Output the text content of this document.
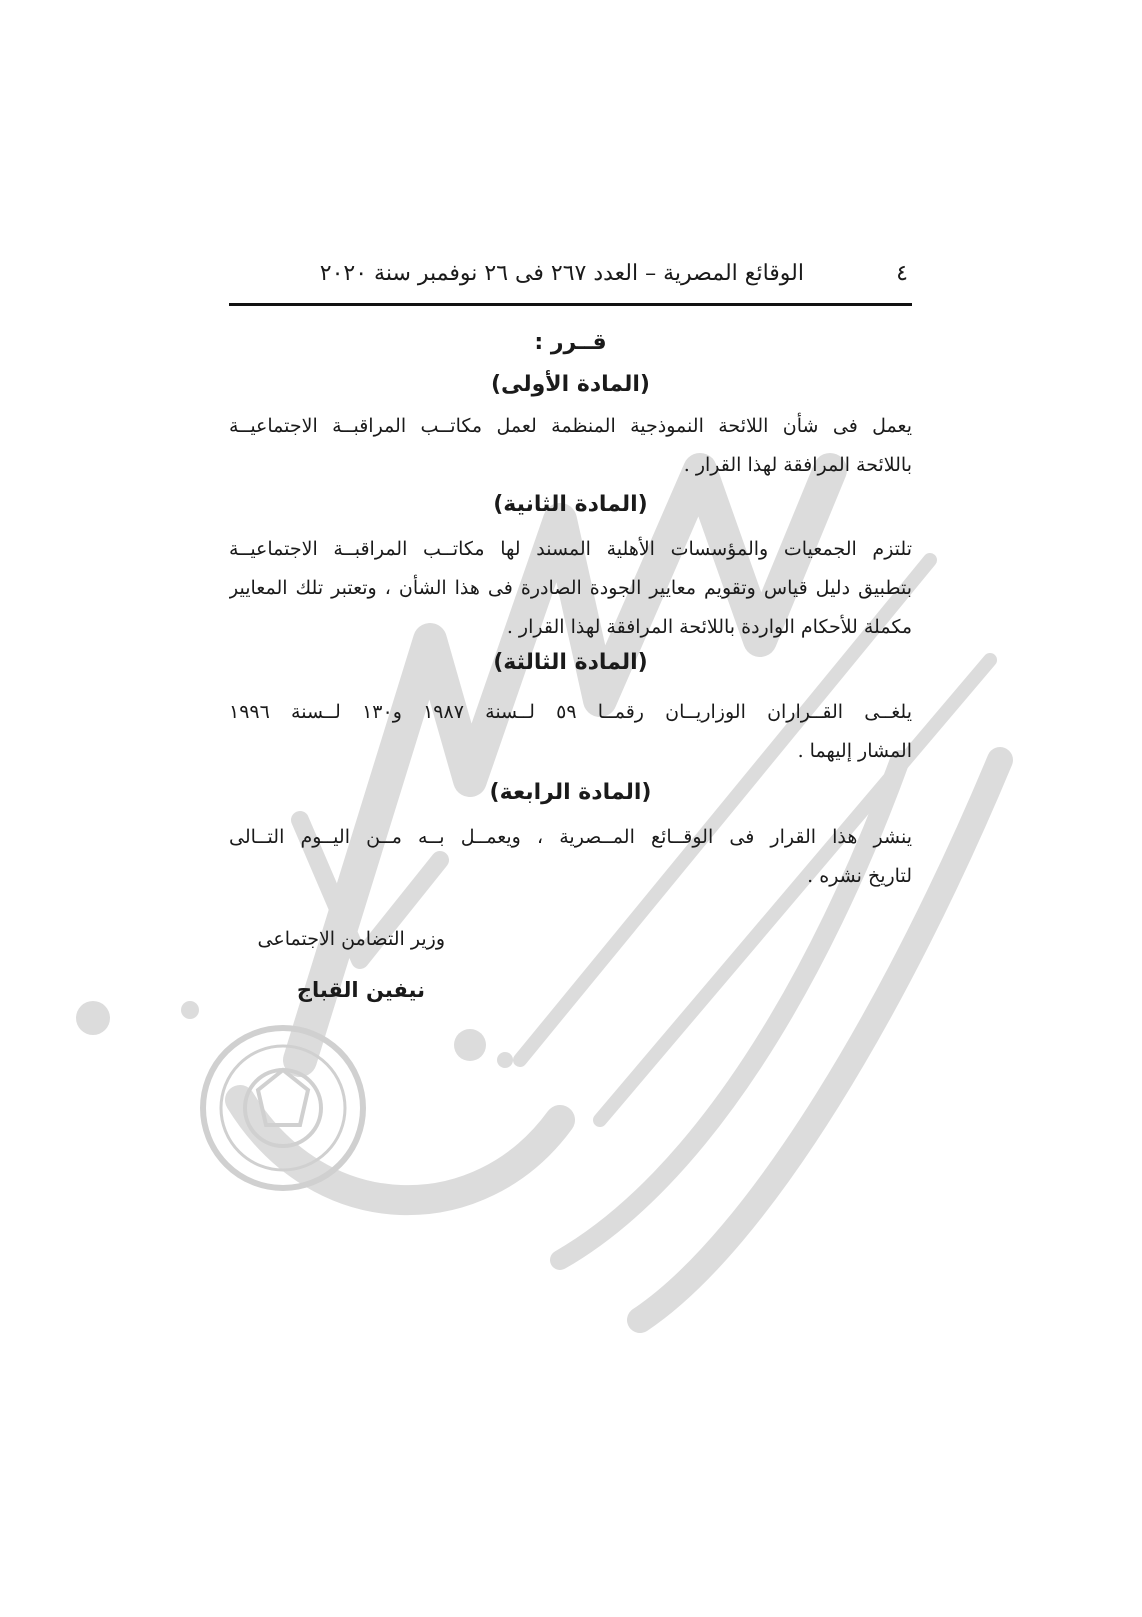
٤
الوقائع المصرية – العدد ٢٦٧ فى ٢٦ نوفمبر سنة ٢٠٢٠
قــرر :
(المادة الأولى)
يعمل فى شأن اللائحة النموذجية المنظمة لعمل مكاتــب المراقبــة الاجتماعيــة
باللائحة المرافقة لهذا القرار .
(المادة الثانية)
تلتزم الجمعيات والمؤسسات الأهلية المسند لها مكاتــب المراقبــة الاجتماعيــة
بتطبيق دليل قياس وتقويم معايير الجودة الصادرة فى هذا الشأن ، وتعتبر تلك المعايير
مكملة للأحكام الواردة باللائحة المرافقة لهذا القرار .
(المادة الثالثة)
يلغــى القــراران الوزاريــان رقمــا ٥٩ لــسنة ١٩٨٧ و١٣٠ لــسنة ١٩٩٦
المشار إليهما .
(المادة الرابعة)
ينشر هذا القرار فى الوقــائع المــصرية ، ويعمــل بــه مــن اليــوم التــالى
لتاريخ نشره .
وزير التضامن الاجتماعى
نيفين القباج
